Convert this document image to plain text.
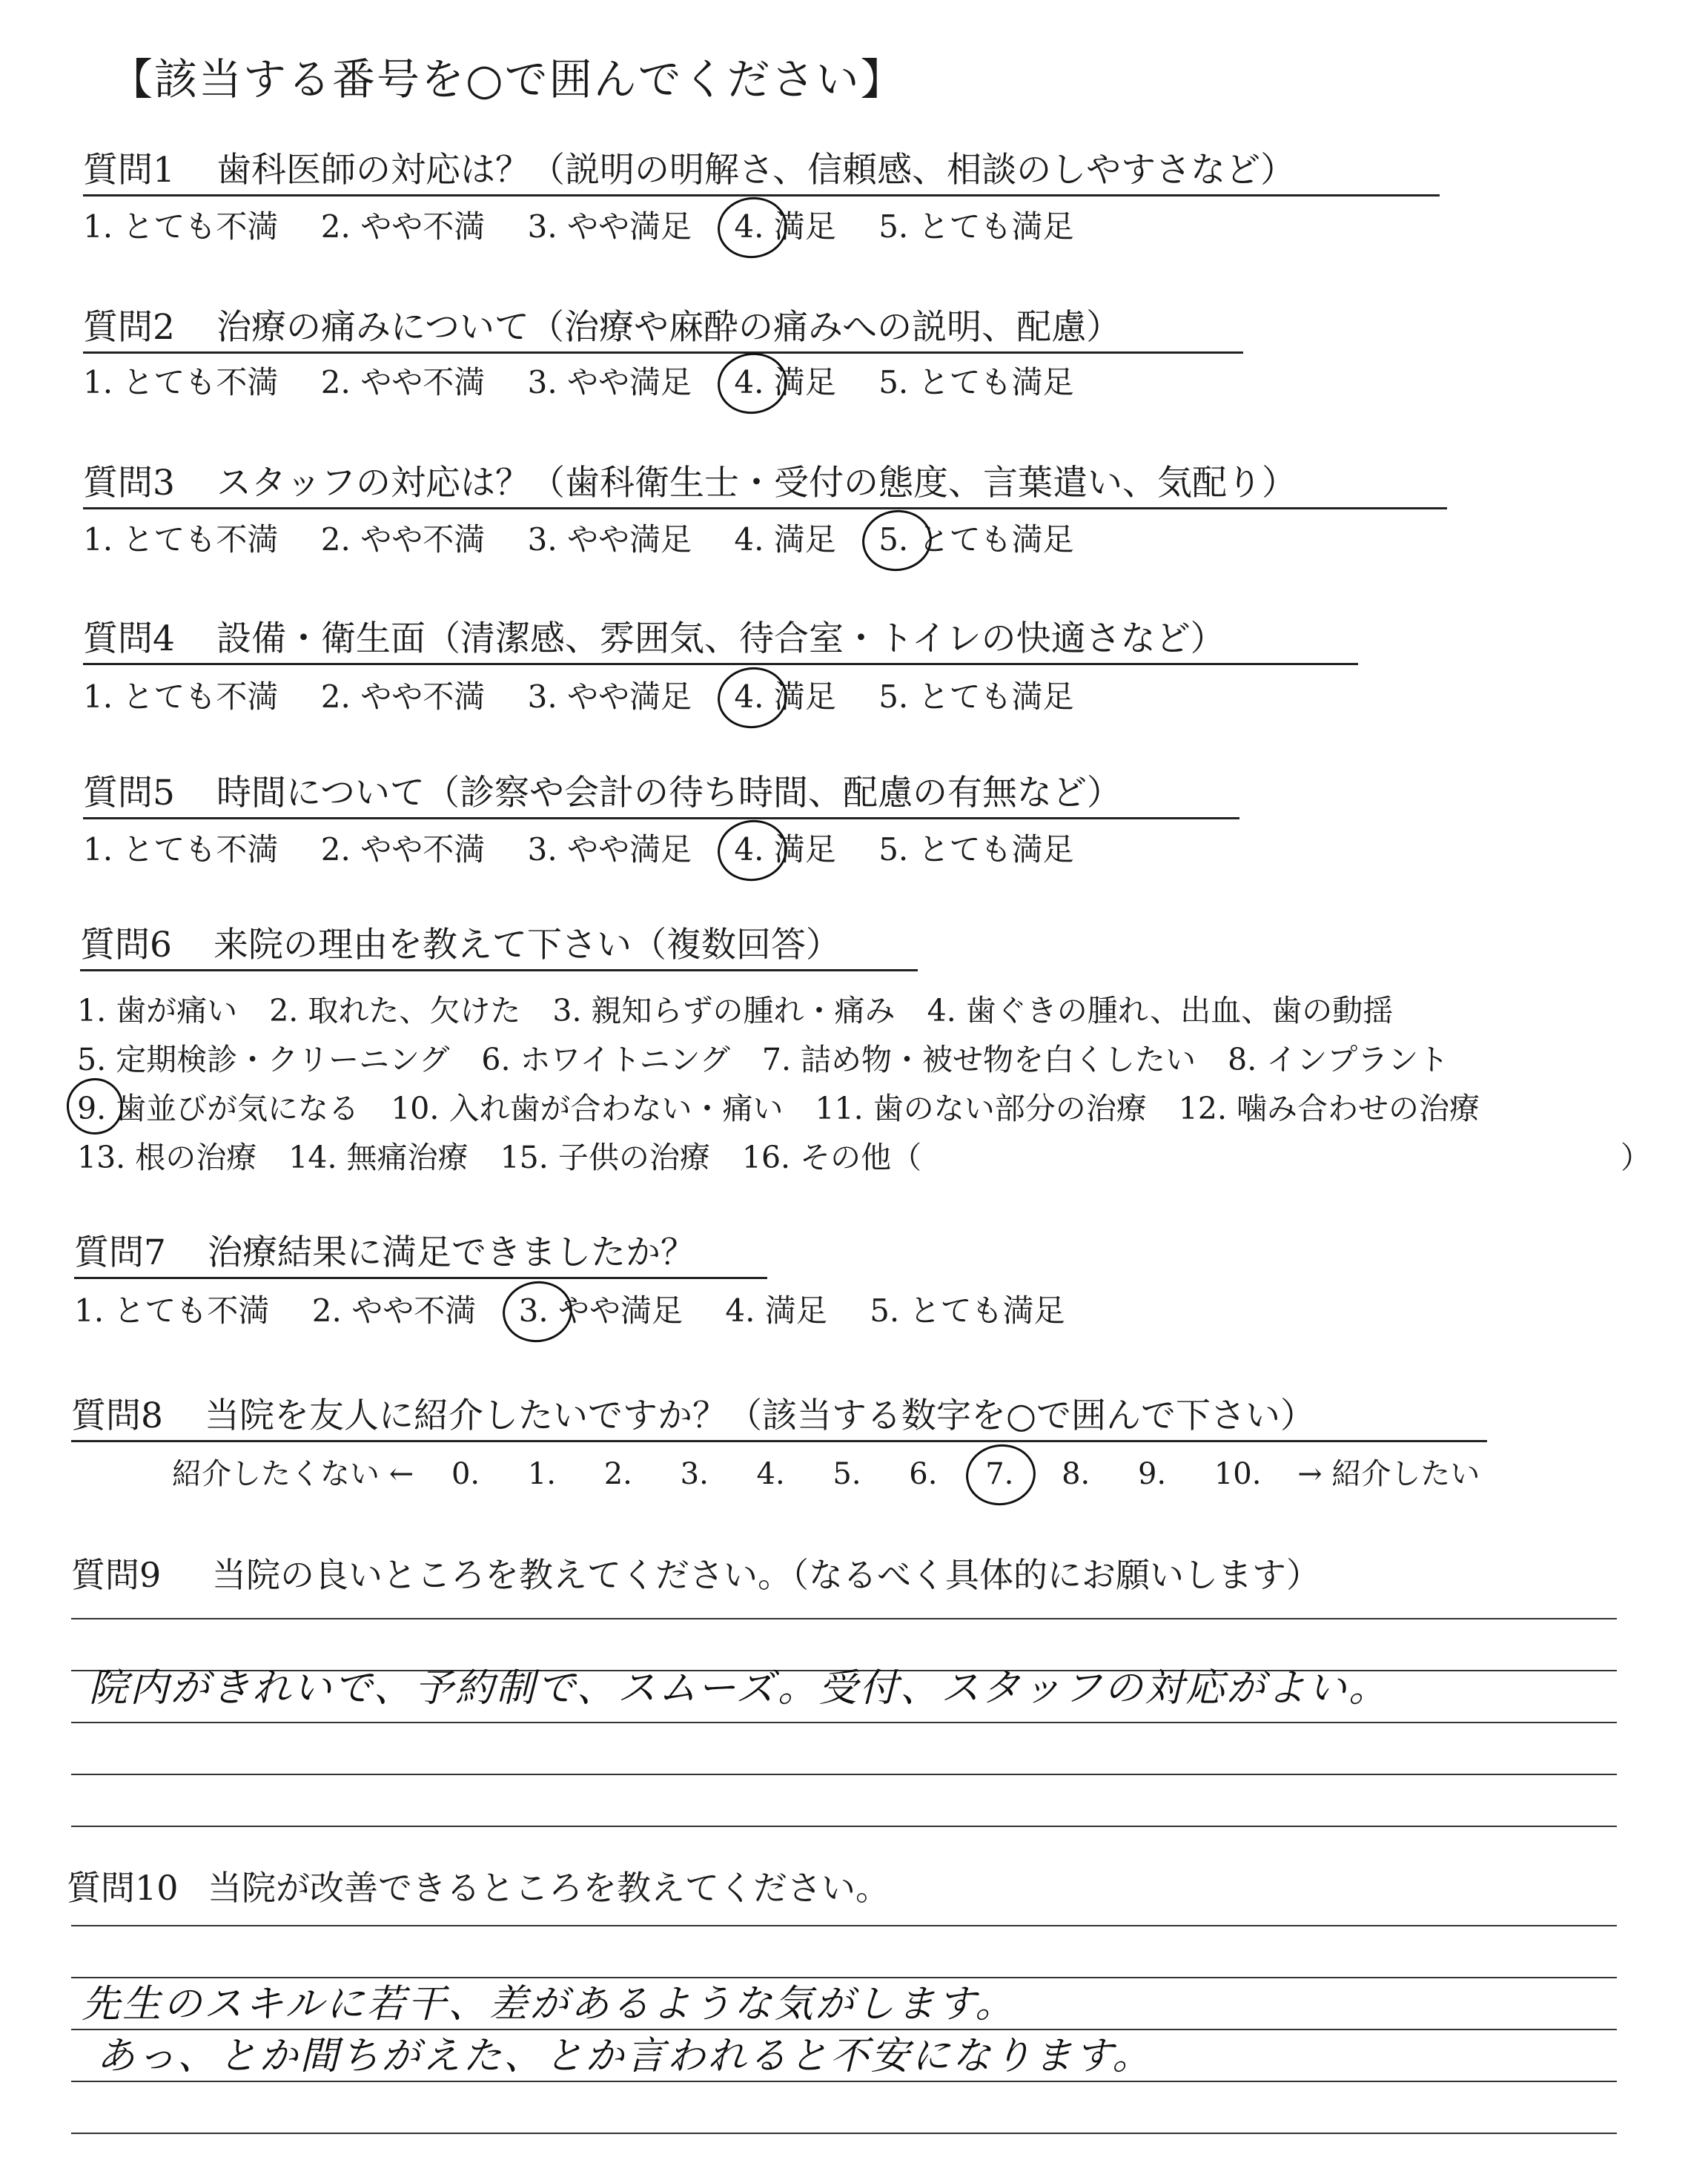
【該当する番号を○で囲んでください】
質問1 歯科医師の対応は？（説明の明解さ、信頼感、相談のしやすさなど）
1. とても不満 2. やや不満 3. やや満足 4. 満足 5. とても満足
質問2 治療の痛みについて（治療や麻酔の痛みへの説明、配慮）
1. とても不満 2. やや不満 3. やや満足 4. 満足 5. とても満足
質問3 スタッフの対応は？（歯科衛生士・受付の態度、言葉遣い、気配り）
1. とても不満 2. やや不満 3. やや満足 4. 満足 5. とても満足
質問4 設備・衛生面（清潔感、雰囲気、待合室・トイレの快適さなど）
1. とても不満 2. やや不満 3. やや満足 4. 満足 5. とても満足
質問5 時間について（診察や会計の待ち時間、配慮の有無など）
1. とても不満 2. やや不満 3. やや満足 4. 満足 5. とても満足
質問6 来院の理由を教えて下さい（複数回答）
1. 歯が痛い 2. 取れた、欠けた 3. 親知らずの腫れ・痛み 4. 歯ぐきの腫れ、出血、歯の動揺
5. 定期検診・クリーニング 6. ホワイトニング 7. 詰め物・被せ物を白くしたい 8. インプラント
9. 歯並びが気になる 10. 入れ歯が合わない・痛い 11. 歯のない部分の治療 12. 噛み合わせの治療
13. 根の治療 14. 無痛治療 15. 子供の治療 16. その他（	）
質問7 治療結果に満足できましたか？
1. とても不満 2. やや不満 3. やや満足 4. 満足 5. とても満足
質問8 当院を友人に紹介したいですか？（該当する数字を○で囲んで下さい）
紹介したくない ← 0. 1. 2. 3. 4. 5. 6. 7. 8. 9. 10. → 紹介したい
質問9 当院の良いところを教えてください。（なるべく具体的にお願いします）
院内がきれいで、予約制で、スムーズ。受付、スタッフの対応がよい。
質問10 当院が改善できるところを教えてください。
先生のスキルに若干、差があるような気がします。
あっ、とか間ちがえた、とか言われると不安になります。
